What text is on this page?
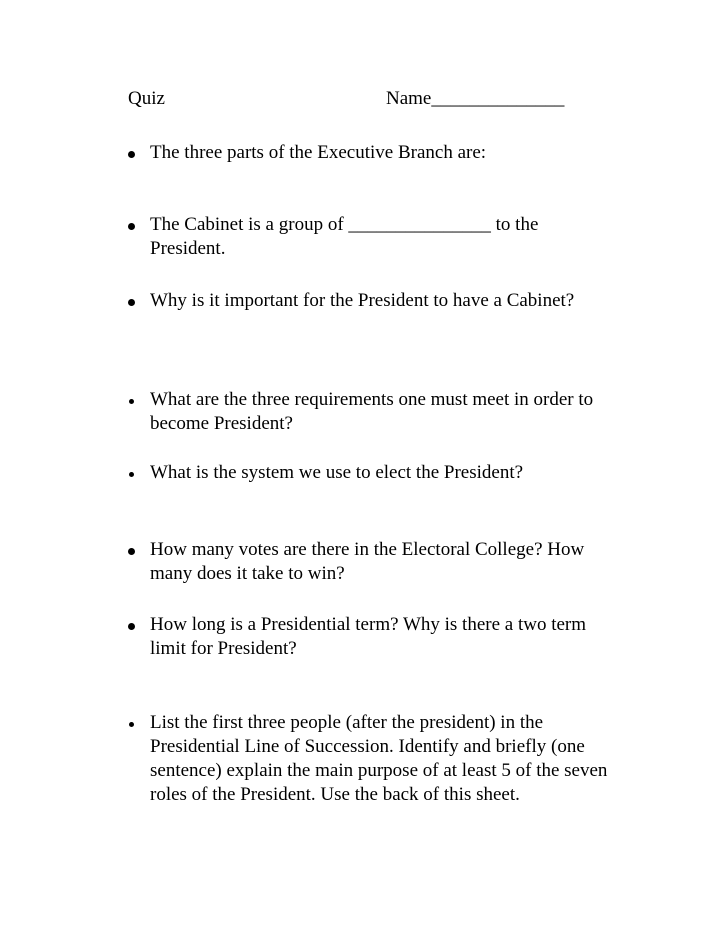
Quiz	Name______________
The three parts of the Executive Branch are:
The Cabinet is a group of _______________ to the President.
Why is it important for the President to have a Cabinet?
What are the three requirements one must meet in order to become President?
What is the system we use to elect the President?
How many votes are there in the Electoral College? How many does it take to win?
How long is a Presidential term? Why is there a two term limit for President?
List the first three people (after the president) in the Presidential Line of Succession. Identify and briefly (one sentence) explain the main purpose of at least 5 of the seven roles of the President. Use the back of this sheet.
